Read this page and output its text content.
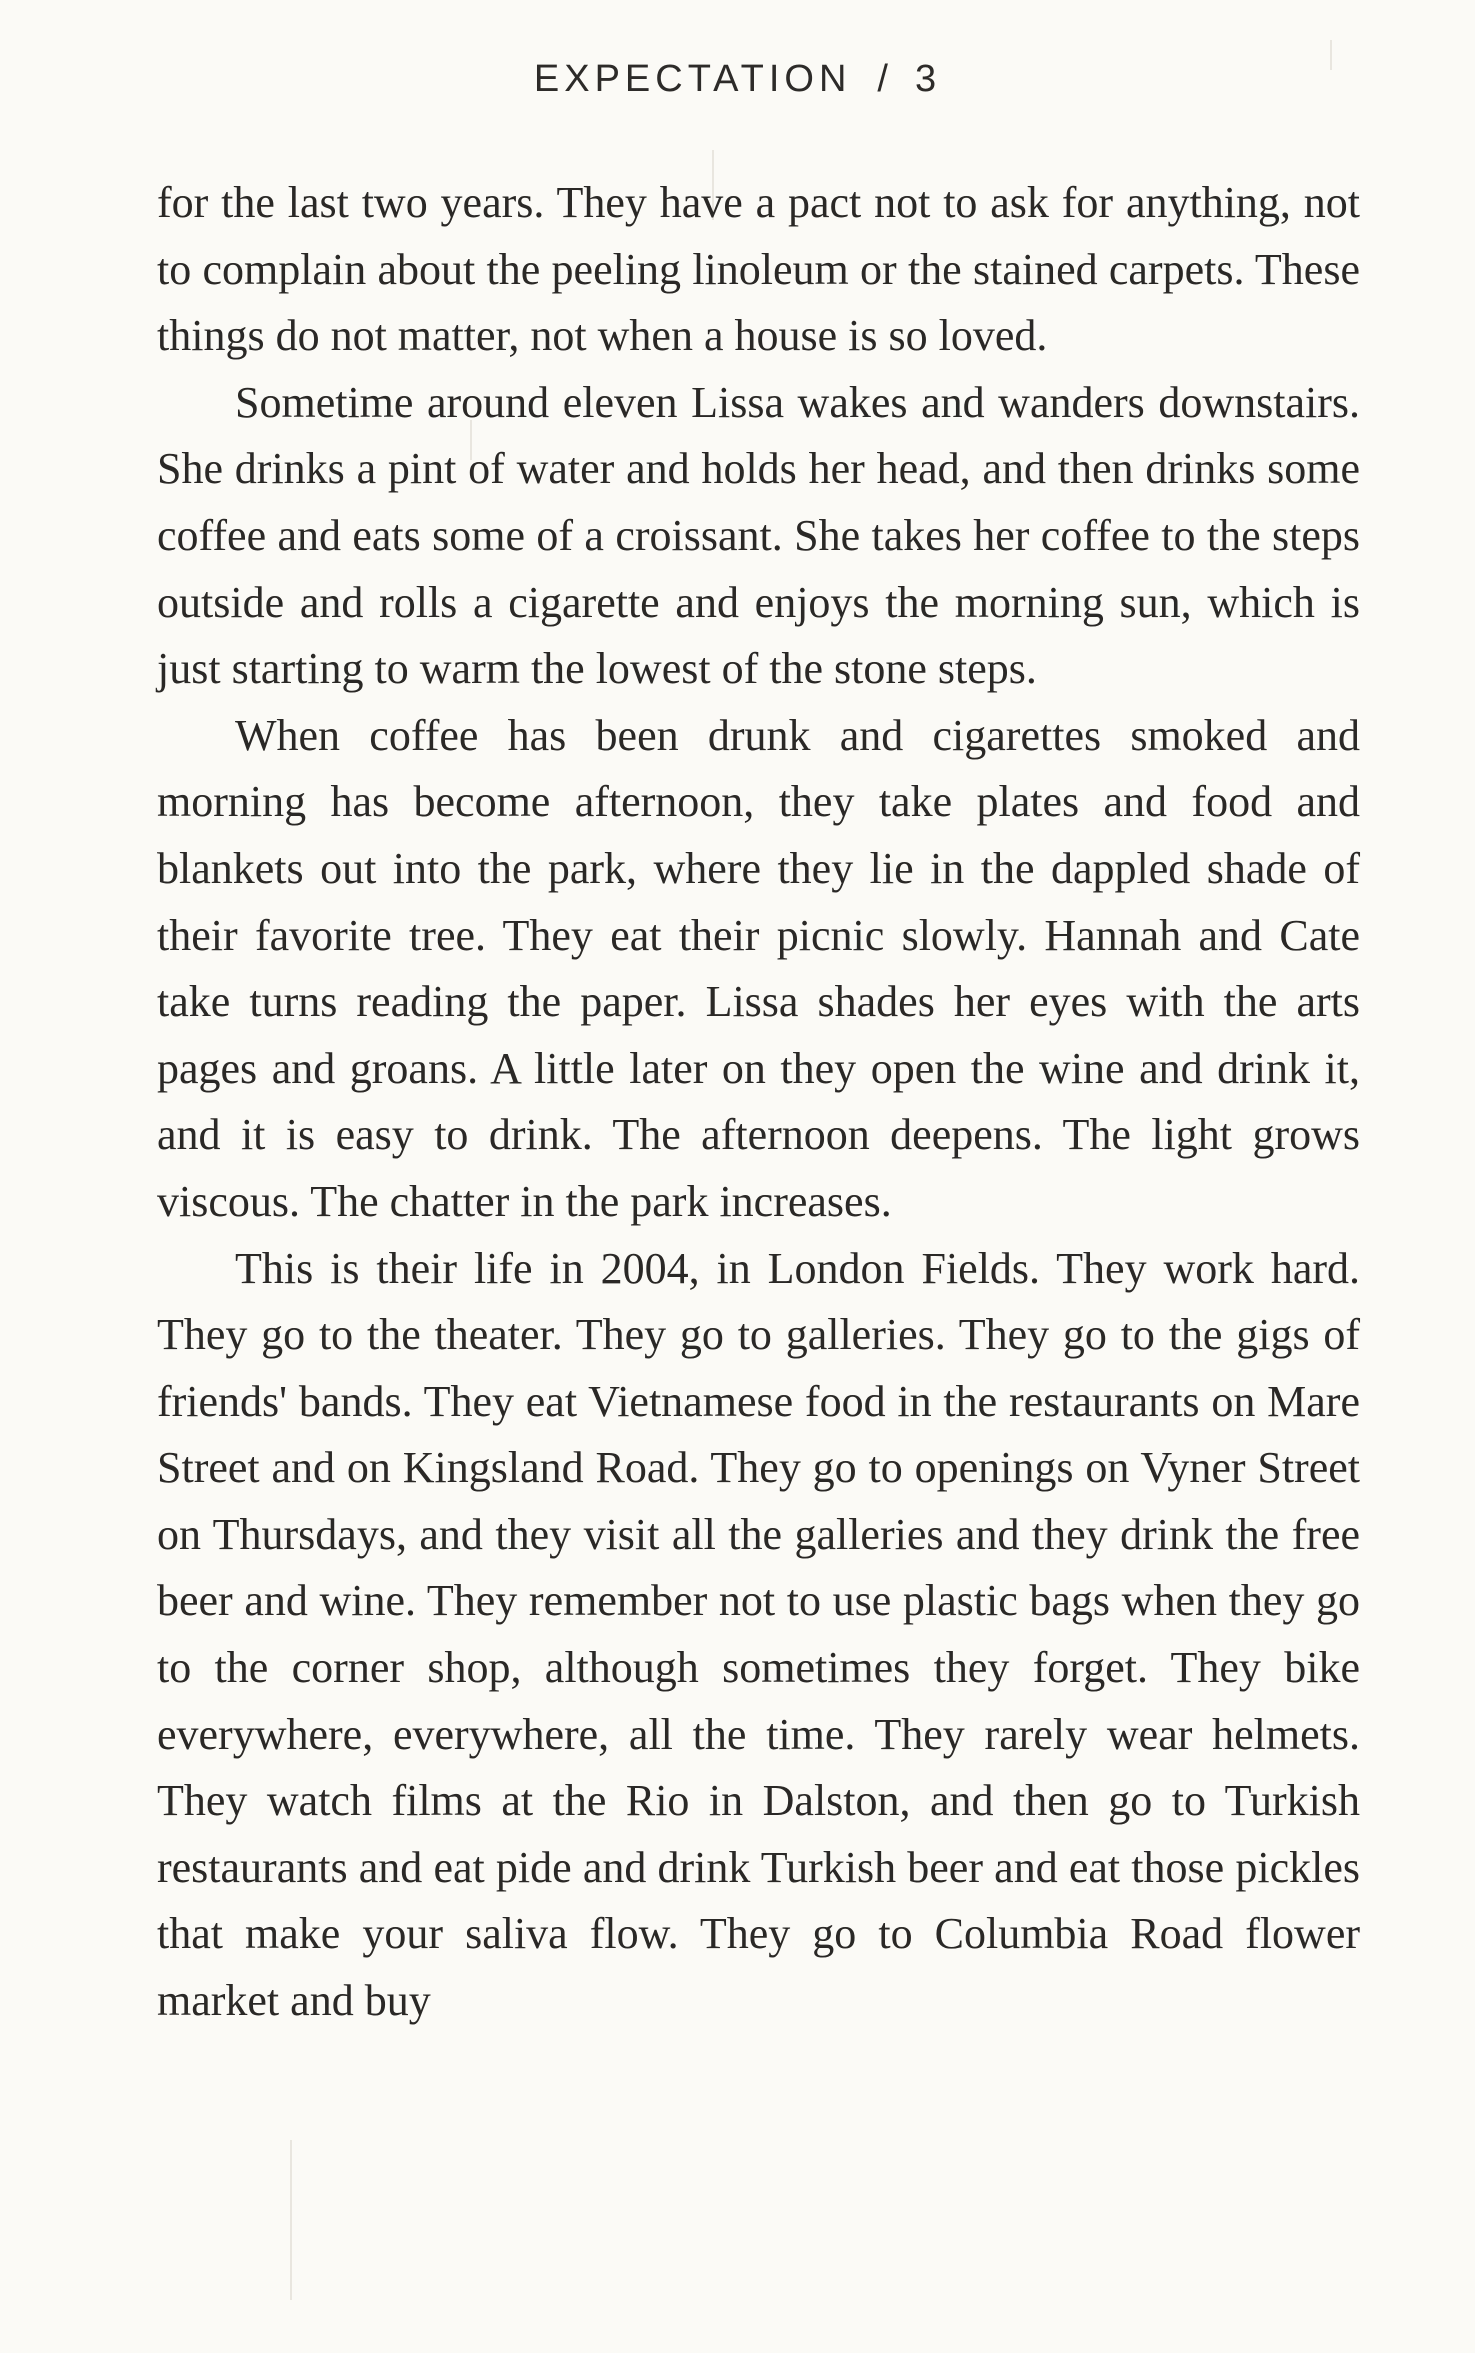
EXPECTATION / 3

for the last two years. They have a pact not to ask for anything, not to complain about the peeling linoleum or the stained carpets. These things do not matter, not when a house is so loved.

Sometime around eleven Lissa wakes and wanders downstairs. She drinks a pint of water and holds her head, and then drinks some coffee and eats some of a croissant. She takes her coffee to the steps outside and rolls a cigarette and enjoys the morning sun, which is just starting to warm the lowest of the stone steps.

When coffee has been drunk and cigarettes smoked and morning has become afternoon, they take plates and food and blankets out into the park, where they lie in the dappled shade of their favorite tree. They eat their picnic slowly. Hannah and Cate take turns reading the paper. Lissa shades her eyes with the arts pages and groans. A little later on they open the wine and drink it, and it is easy to drink. The afternoon deepens. The light grows viscous. The chatter in the park increases.

This is their life in 2004, in London Fields. They work hard. They go to the theater. They go to galleries. They go to the gigs of friends' bands. They eat Vietnamese food in the restaurants on Mare Street and on Kingsland Road. They go to openings on Vyner Street on Thursdays, and they visit all the galleries and they drink the free beer and wine. They remember not to use plastic bags when they go to the corner shop, although sometimes they forget. They bike everywhere, everywhere, all the time. They rarely wear helmets. They watch films at the Rio in Dalston, and then go to Turkish restaurants and eat pide and drink Turkish beer and eat those pickles that make your saliva flow. They go to Columbia Road flower market and buy
